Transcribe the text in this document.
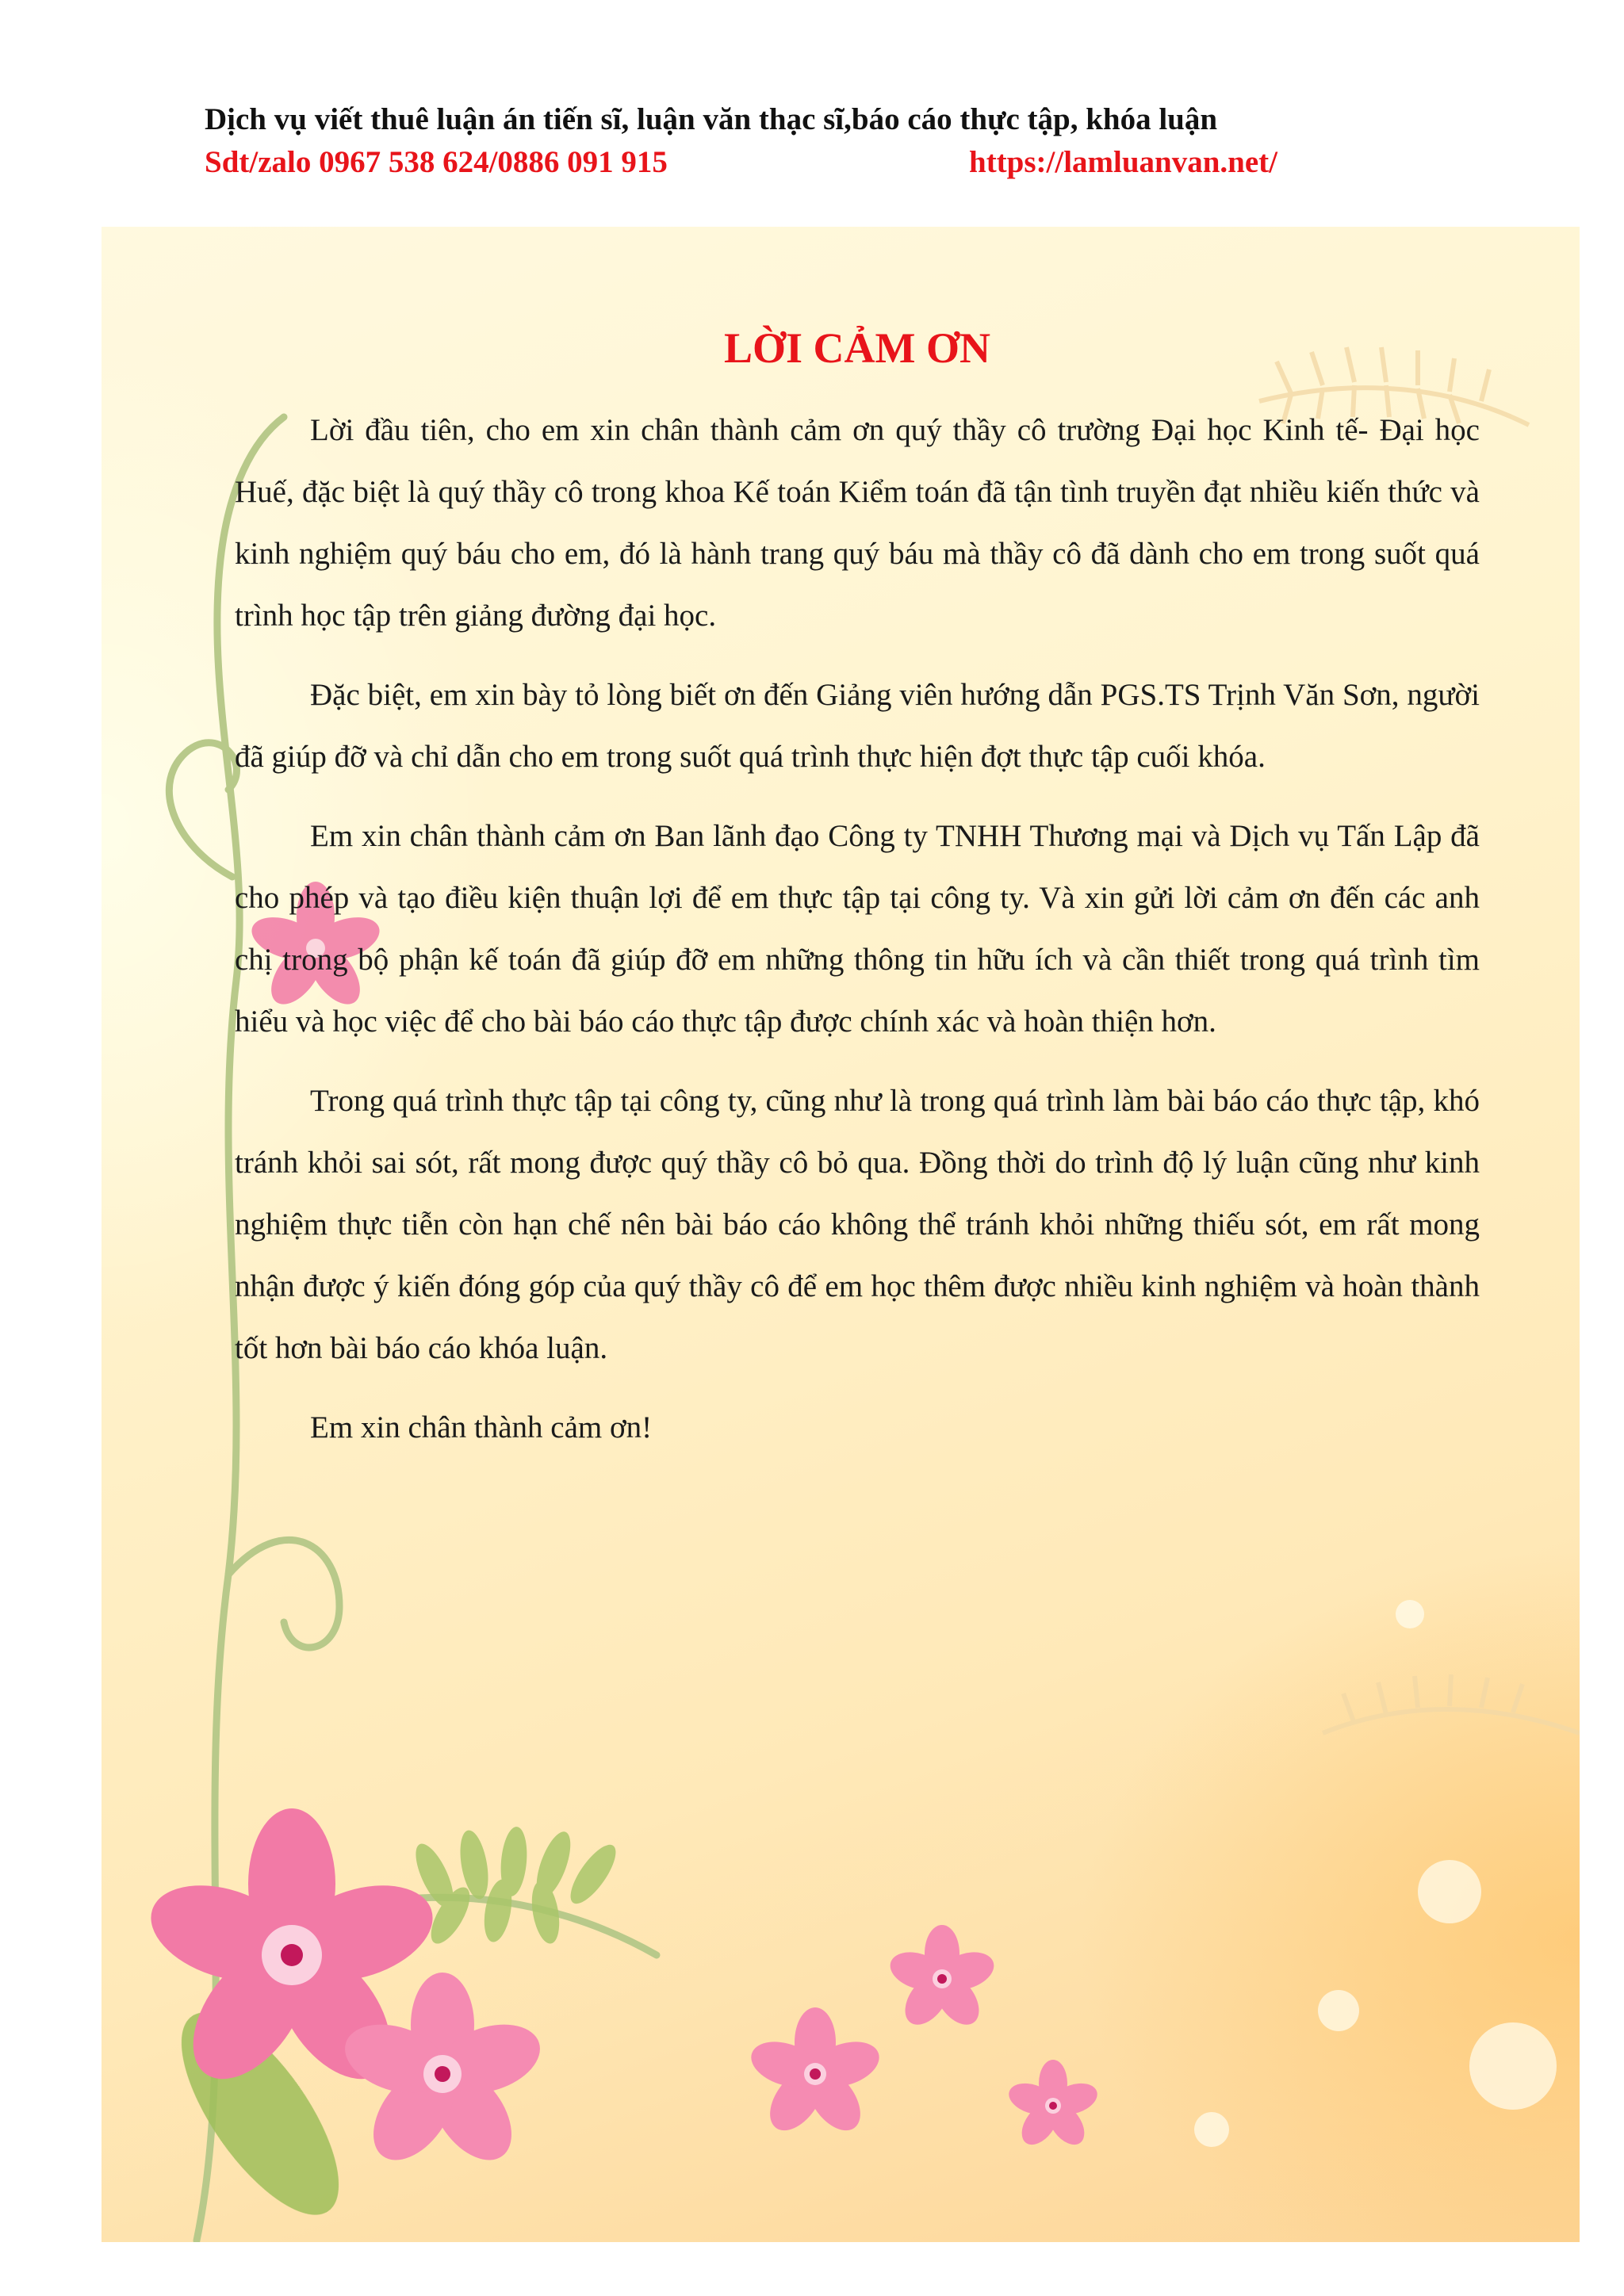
Dịch vụ viết thuê luận án tiến sĩ, luận văn thạc sĩ,báo cáo thực tập, khóa luận
Sdt/zalo 0967 538 624/0886 091 915	https://lamluanvan.net/
LỜI CẢM ƠN

Lời đầu tiên, cho em xin chân thành cảm ơn quý thầy cô trường Đại học Kinh tế- Đại học Huế, đặc biệt là quý thầy cô trong khoa Kế toán Kiểm toán đã tận tình truyền đạt nhiều kiến thức và kinh nghiệm quý báu cho em, đó là hành trang quý báu mà thầy cô đã dành cho em trong suốt quá trình học tập trên giảng đường đại học.

Đặc biệt, em xin bày tỏ lòng biết ơn đến Giảng viên hướng dẫn PGS.TS Trịnh Văn Sơn, người đã giúp đỡ và chỉ dẫn cho em trong suốt quá trình thực hiện đợt thực tập cuối khóa.

Em xin chân thành cảm ơn Ban lãnh đạo Công ty TNHH Thương mại và Dịch vụ Tấn Lập đã cho phép và tạo điều kiện thuận lợi để em thực tập tại công ty. Và xin gửi lời cảm ơn đến các anh chị trong bộ phận kế toán đã giúp đỡ em những thông tin hữu ích và cần thiết trong quá trình tìm hiểu và học việc để cho bài báo cáo thực tập được chính xác và hoàn thiện hơn.

Trong quá trình thực tập tại công ty, cũng như là trong quá trình làm bài báo cáo thực tập, khó tránh khỏi sai sót, rất mong được quý thầy cô bỏ qua. Đồng thời do trình độ lý luận cũng như kinh nghiệm thực tiễn còn hạn chế nên bài báo cáo không thể tránh khỏi những thiếu sót, em rất mong nhận được ý kiến đóng góp của quý thầy cô để em học thêm được nhiều kinh nghiệm và hoàn thành tốt hơn bài báo cáo khóa luận.

Em xin chân thành cảm ơn!
